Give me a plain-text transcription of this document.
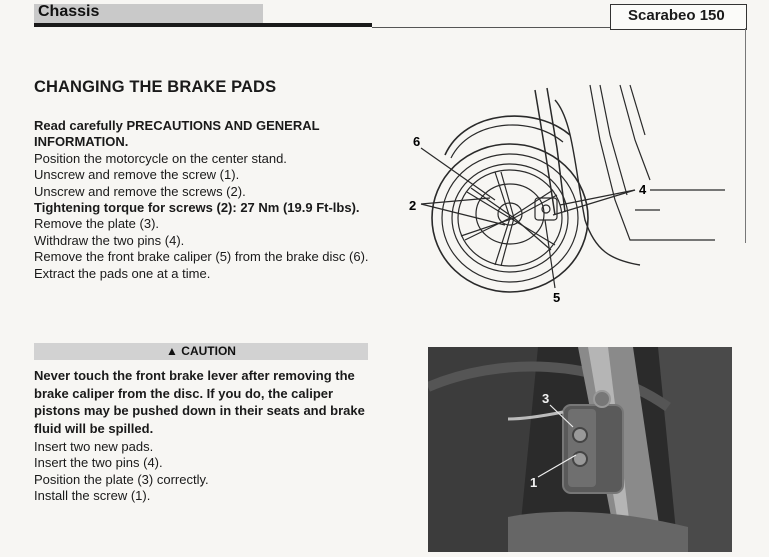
Chassis	Scarabeo 150
CHANGING THE BRAKE PADS
Read carefully PRECAUTIONS AND GENERAL INFORMATION.
Position the motorcycle on the center stand.
Unscrew and remove the screw (1).
Unscrew and remove the screws (2).
Tightening torque for screws (2): 27 Nm (19.9 Ft-lbs).
Remove the plate (3).
Withdraw the two pins (4).
Remove the front brake caliper (5) from the brake disc (6).
Extract the pads one at a time.
▲ CAUTION
Never touch the front brake lever after removing the brake caliper from the disc. If you do, the caliper pistons may be pushed down in their seats and brake fluid will be spilled.
Insert two new pads.
Insert the two pins (4).
Position the plate (3) correctly.
Install the screw (1).
6
2
4
5
3
1
